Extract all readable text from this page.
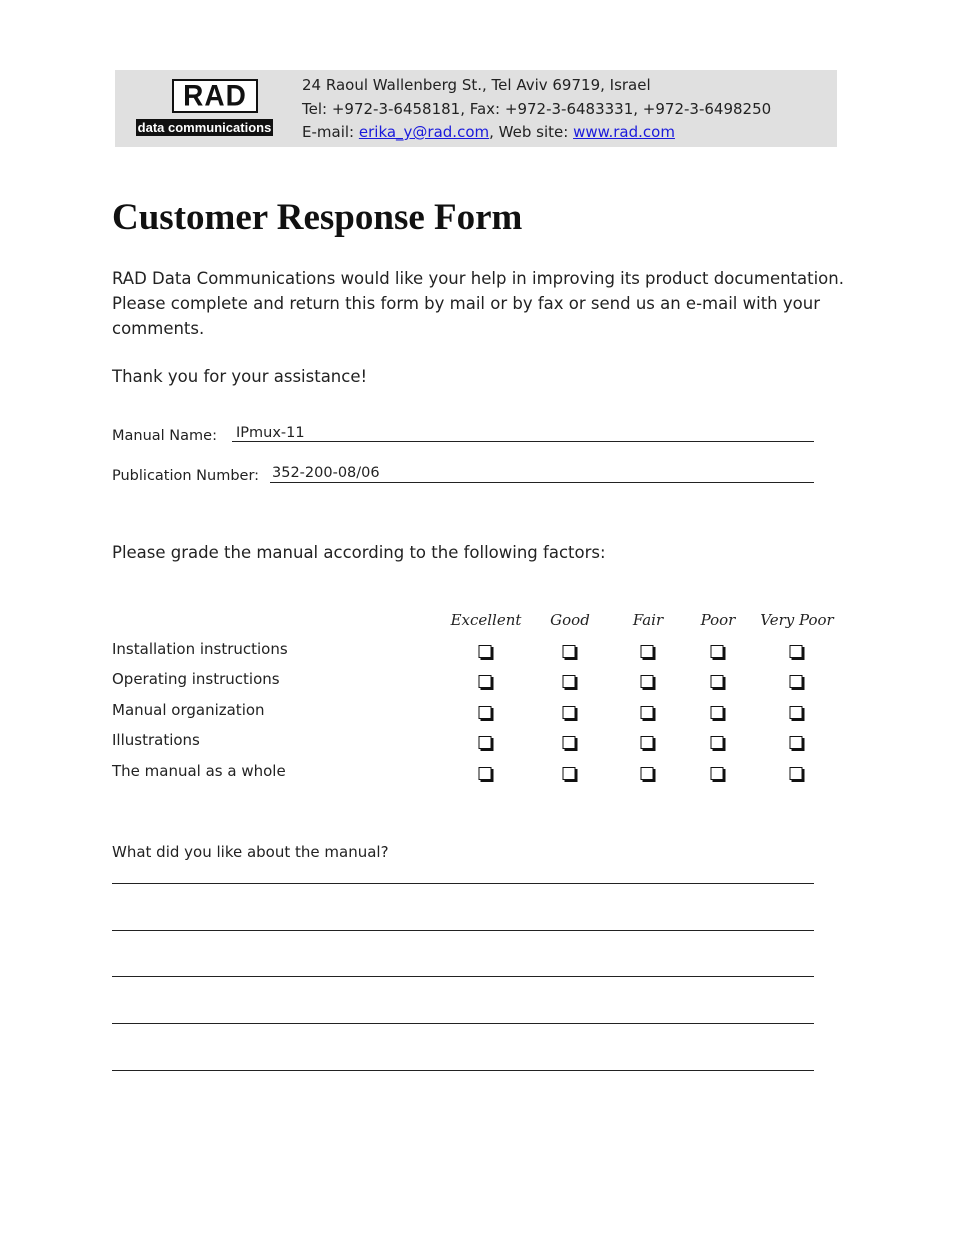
RAD
data communications
24 Raoul Wallenberg St., Tel Aviv 69719, Israel
Tel: +972-3-6458181, Fax: +972-3-6483331, +972-3-6498250
E-mail: erika_y@rad.com, Web site: www.rad.com
Customer Response Form
RAD Data Communications would like your help in improving its product documentation. Please complete and return this form by mail or by fax or send us an e-mail with your comments.
Thank you for your assistance!
Manual Name: IPmux-11
Publication Number: 352-200-08/06
Please grade the manual according to the following factors:
Excellent Good	Fair Poor Very Poor
Installation instructions
Operating instructions
Manual organization
Illustrations
The manual as a whole
What did you like about the manual?
